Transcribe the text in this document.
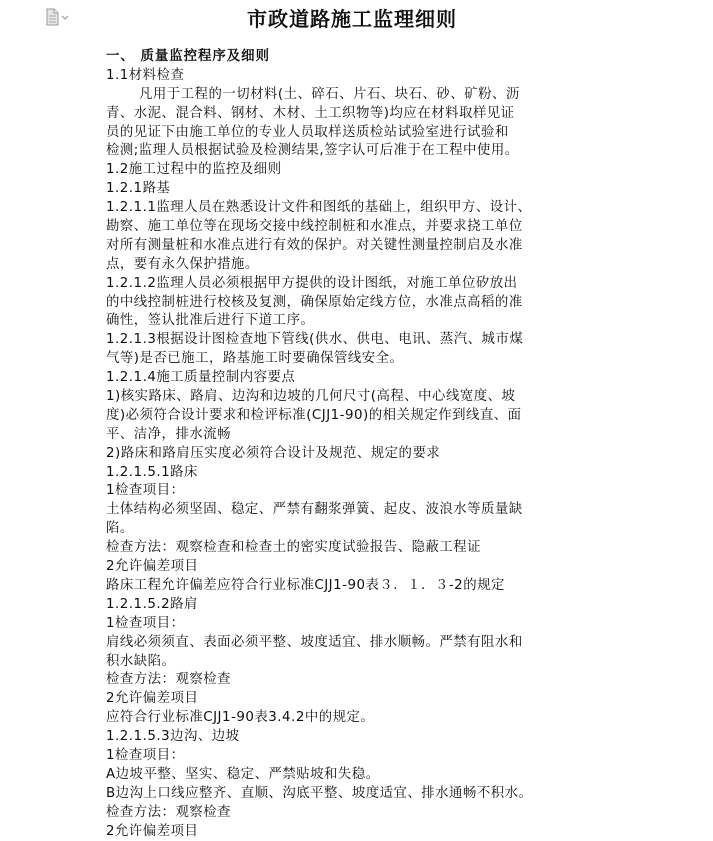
市政道路施工监理细则
一、 质量监控程序及细则
1.1材料检查
凡用于工程的一切材料(土、碎石、片石、块石、砂、矿粉、沥
青、水泥、混合料、钢材、木材、土工织物等)均应在材料取样见证
员的见证下由施工单位的专业人员取样送质检站试验室进行试验和
检测;监理人员根据试验及检测结果,签字认可后准于在工程中使用。
1.2施工过程中的监控及细则
1.2.1路基
1.2.1.1监理人员在熟悉设计文件和图纸的基础上，组织甲方、设计、
勘察、施工单位等在现场交接中线控制桩和水准点，并要求挠工单位
对所有测量桩和水准点进行有效的保护。对关键性测量控制启及水准
点，要有永久保护措施。
1.2.1.2监理人员必须根据甲方提供的设计图纸，对施工单位矽放出
的中线控制桩进行校核及复测，确保原始定线方位，水准点高稻的准
确性，签认批准后进行下道工序。
1.2.1.3根据设计图检查地下管线(供水、供电、电讯、蒸汽、城市煤
气等)是否已施工，路基施工时要确保管线安全。
1.2.1.4施工质量控制内容要点
1)核实路床、路肩、边沟和边坡的几何尺寸(高程、中心线宽度、坡
度)必须符合设计要求和检评标准(CJJ1-90)的相关规定作到线直、面
平、洁净，排水流畅
2)路床和路肩压实度必须符合设计及规范、规定的要求
1.2.1.5.1路床
1检查项目：
土体结构必须坚固、稳定、严禁有翻浆弹簧、起皮、波浪水等质量缺
陷。
检查方法：观察检查和检查土的密实度试验报告、隐蔽工程证
2允许偏差项目
路床工程允许偏差应符合行业标准CJJ1-90表３．１．３-2的规定
1.2.1.5.2路肩
1检查项目：
肩线必须须直、表面必须平整、坡度适宜、排水顺畅。严禁有阻水和
积水缺陷。
检查方法：观察检查
2允许偏差项目
应符合行业标准CJJ1-90表3.4.2中的规定。
1.2.1.5.3边沟、边坡
1检查项目：
A边坡平整、坚实、稳定、严禁贴坡和失稳。
B边沟上口线应整齐、直顺、沟底平整、坡度适宜、排水通畅不积水。
检查方法：观察检查
2允许偏差项目
